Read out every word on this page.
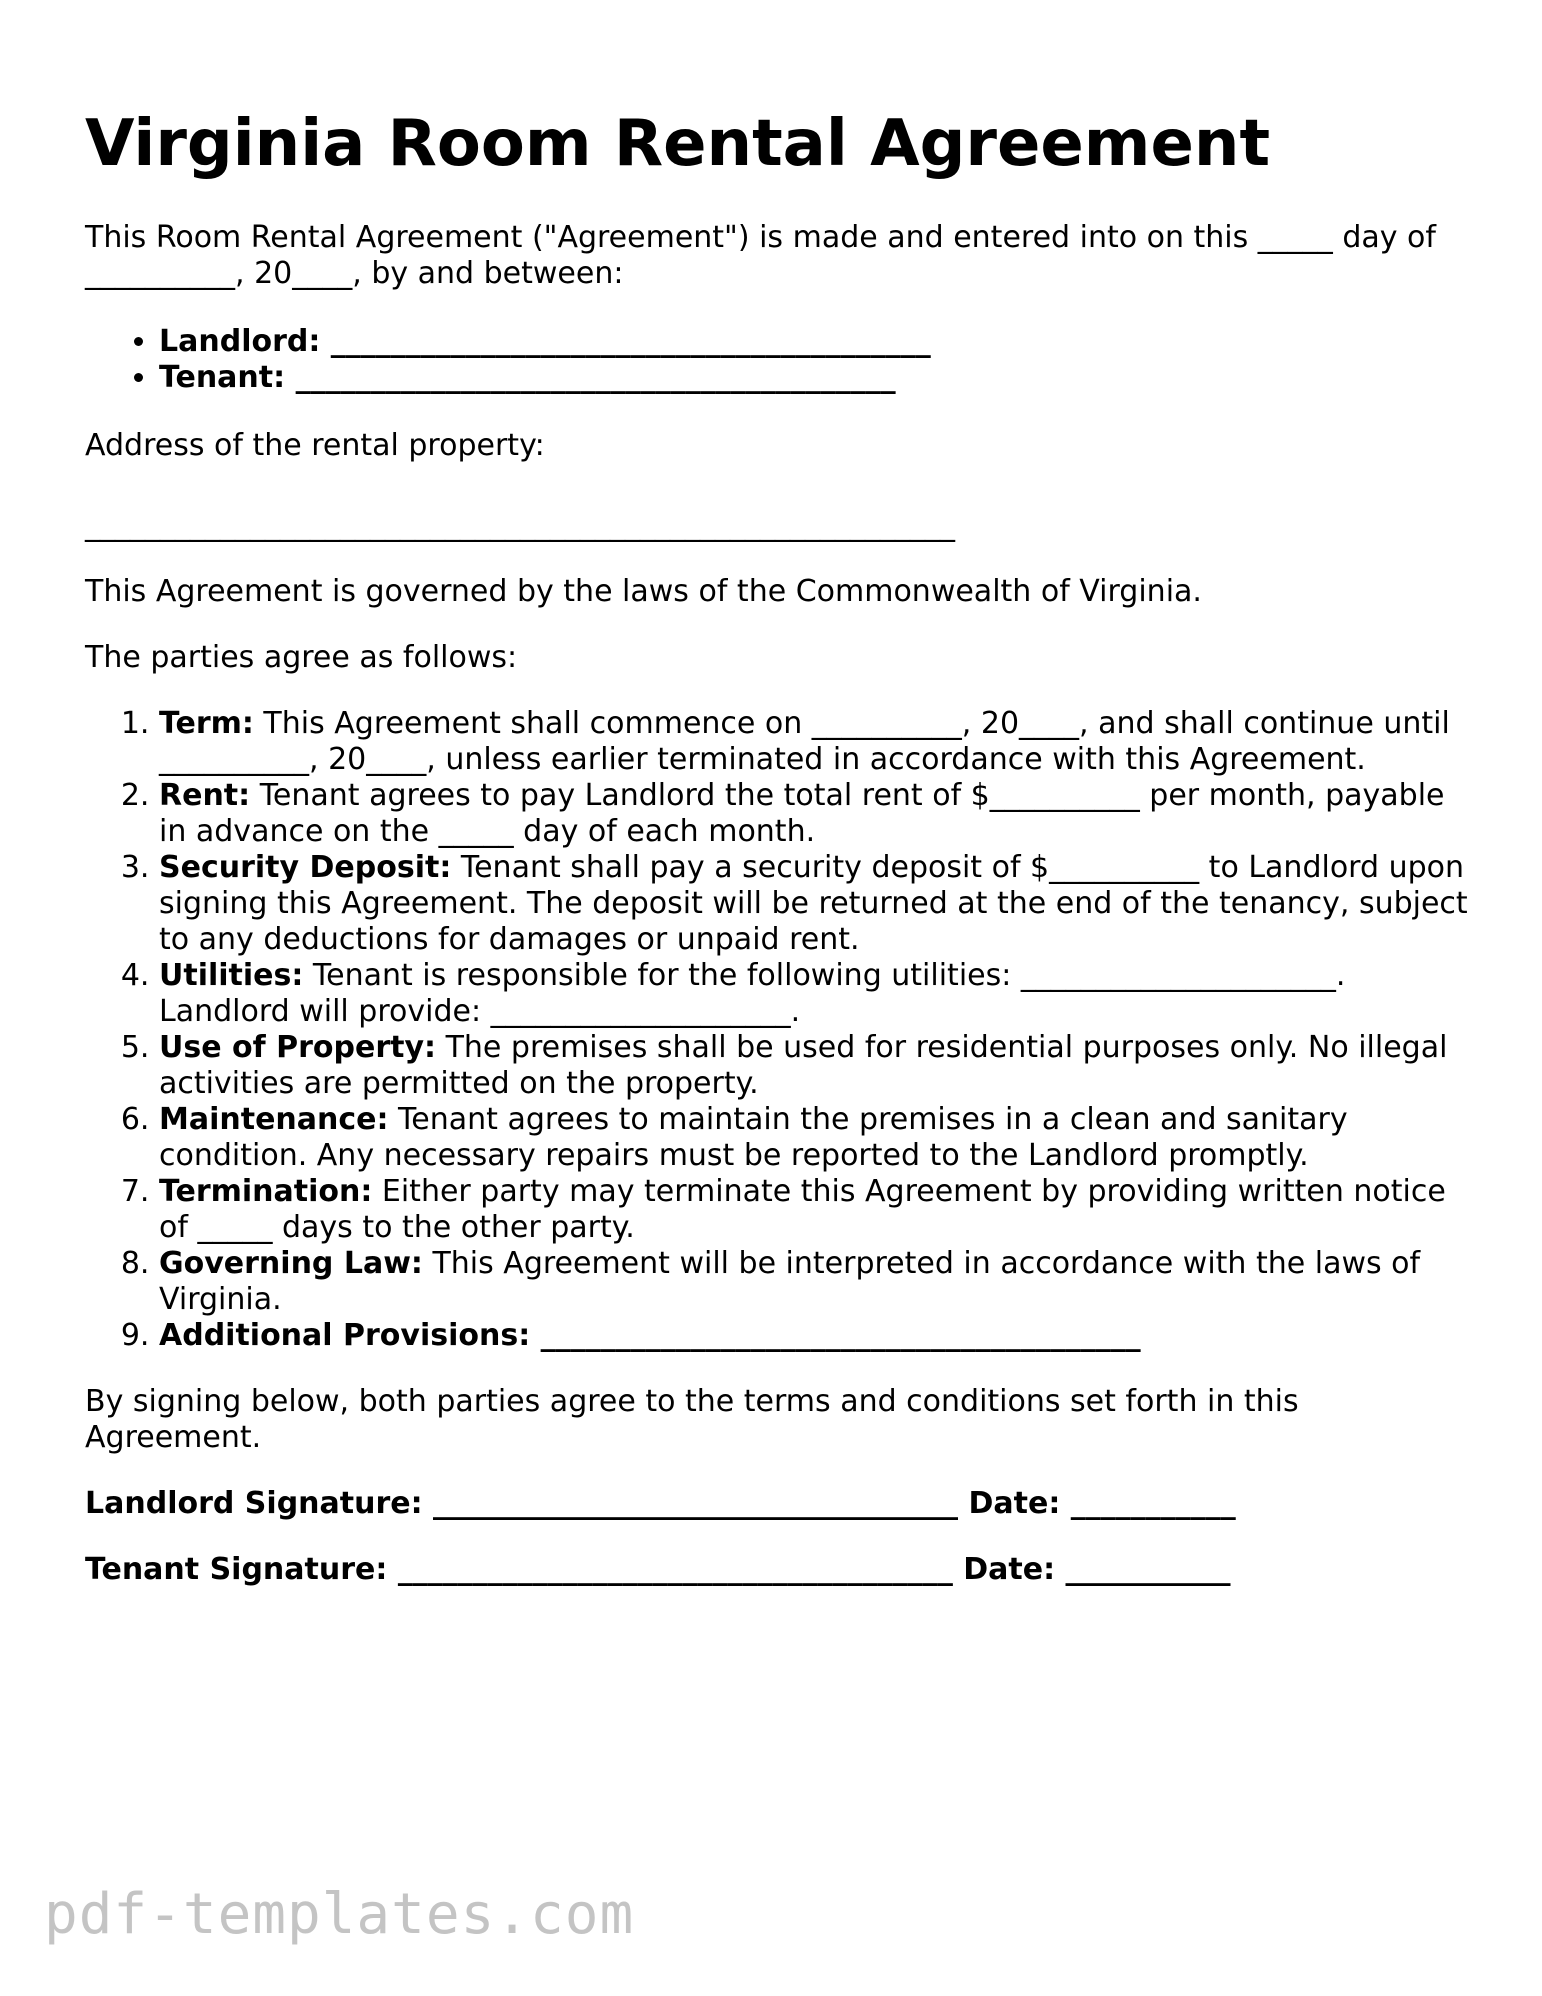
Virginia Room Rental Agreement

This Room Rental Agreement ("Agreement") is made and entered into on this _____ day of __________, 20____, by and between:

• Landlord: ________________________________________
• Tenant: ________________________________________

Address of the rental property:

__________________________________________________________

This Agreement is governed by the laws of the Commonwealth of Virginia.

The parties agree as follows:

1. Term: This Agreement shall commence on __________, 20____, and shall continue until __________, 20____, unless earlier terminated in accordance with this Agreement.
2. Rent: Tenant agrees to pay Landlord the total rent of $__________ per month, payable in advance on the _____ day of each month.
3. Security Deposit: Tenant shall pay a security deposit of $__________ to Landlord upon signing this Agreement. The deposit will be returned at the end of the tenancy, subject to any deductions for damages or unpaid rent.
4. Utilities: Tenant is responsible for the following utilities: _____________________. Landlord will provide: ____________________.
5. Use of Property: The premises shall be used for residential purposes only. No illegal activities are permitted on the property.
6. Maintenance: Tenant agrees to maintain the premises in a clean and sanitary condition. Any necessary repairs must be reported to the Landlord promptly.
7. Termination: Either party may terminate this Agreement by providing written notice of _____ days to the other party.
8. Governing Law: This Agreement will be interpreted in accordance with the laws of Virginia.
9. Additional Provisions: ________________________________________

By signing below, both parties agree to the terms and conditions set forth in this Agreement.

Landlord Signature: ___________________________________ Date: ___________

Tenant Signature: _____________________________________ Date: ___________

pdf-templates.com
